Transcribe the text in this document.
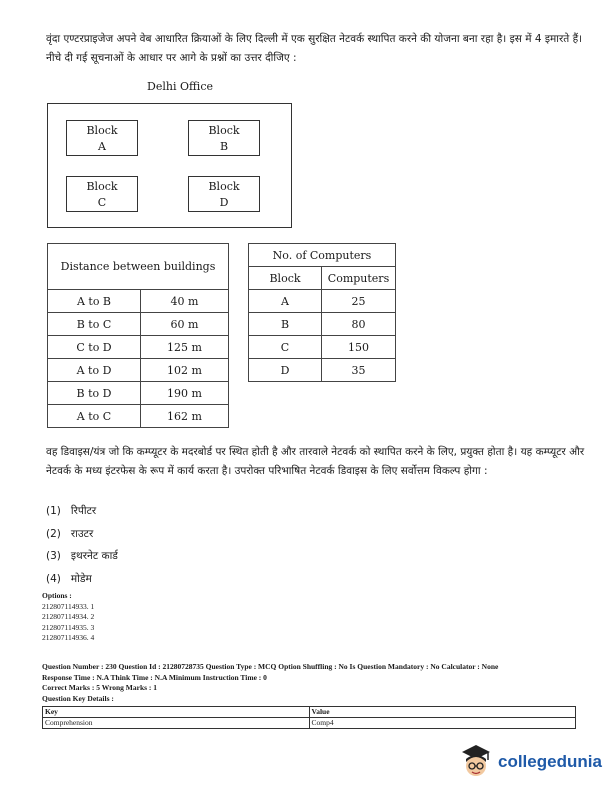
वृंदा एण्टरप्राइजेज अपने वेब आधारित क्रियाओं के लिए दिल्ली में एक सुरक्षित नेटवर्क स्थापित करने की योजना बना रहा है। इस में 4 इमारते हैं। नीचे दी गई सूचनाओं के आधार पर आगे के प्रश्नों का उत्तर दीजिए :
Delhi Office
Block
A
Block
B
Block
C
Block
D
Distance between buildings	
A to B	40 m
B to C	60 m
C to D	125 m
A to D	102 m
B to D	190 m
A to C	162 m
No. of Computers	
Block	Computers
A	25
B	80
C	150
D	35
वह डिवाइस/यंत्र जो कि कम्प्यूटर के मदरबोर्ड पर स्थित होती है और तारवाले नेटवर्क को स्थापित करने के लिए, प्रयुक्त होता है। यह कम्प्यूटर और नेटवर्क के मध्य इंटरफेस के रूप में कार्य करता है। उपरोक्त परिभाषित नेटवर्क डिवाइस के लिए सर्वोत्तम विकल्प होगा :
(1) रिपीटर
(2) राउटर
(3) इथरनेट कार्ड
(4) मोडेम
Options :
212807114933. 1
212807114934. 2
212807114935. 3
212807114936. 4
Question Number : 230 Question Id : 21280728735 Question Type : MCQ Option Shuffling : No Is Question Mandatory : No Calculator : None
Response Time : N.A Think Time : N.A Minimum Instruction Time : 0
Correct Marks : 5 Wrong Marks : 1
Question Key Details :
Key	Value
Comprehension	Comp4
collegedunia
